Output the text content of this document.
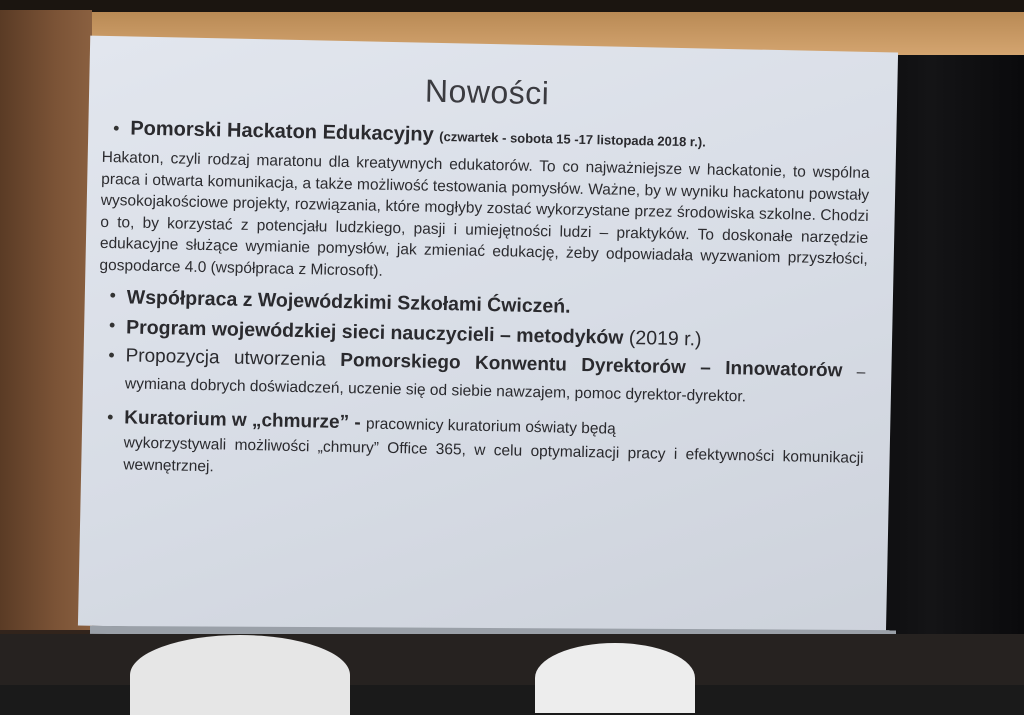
Nowości
• Pomorski Hackaton Edukacyjny (czwartek - sobota 15 -17 listopada 2018 r.).
Hakaton, czyli rodzaj maratonu dla kreatywnych edukatorów. To co najważniejsze w hackatonie, to wspólna praca i otwarta komunikacja, a także możliwość testowania pomysłów. Ważne, by w wyniku hackatonu powstały wysokojakościowe projekty, rozwiązania, które mogłyby zostać wykorzystane przez środowiska szkolne. Chodzi o to, by korzystać z potencjału ludzkiego, pasji i umiejętności ludzi – praktyków. To doskonałe narzędzie edukacyjne służące wymianie pomysłów, jak zmieniać edukację, żeby odpowiadała wyzwaniom przyszłości, gospodarce 4.0 (współpraca z Microsoft).
• Współpraca z Wojewódzkimi Szkołami Ćwiczeń.
• Program wojewódzkiej sieci nauczycieli – metodyków (2019 r.)
• Propozycja utworzenia Pomorskiego Konwentu Dyrektorów – Innowatorów – wymiana dobrych doświadczeń, uczenie się od siebie nawzajem, pomoc dyrektor-dyrektor.
• Kuratorium w „chmurze” - pracownicy kuratorium oświaty będą
wykorzystywali możliwości „chmury” Office 365, w celu optymalizacji pracy i efektywności komunikacji wewnętrznej.
